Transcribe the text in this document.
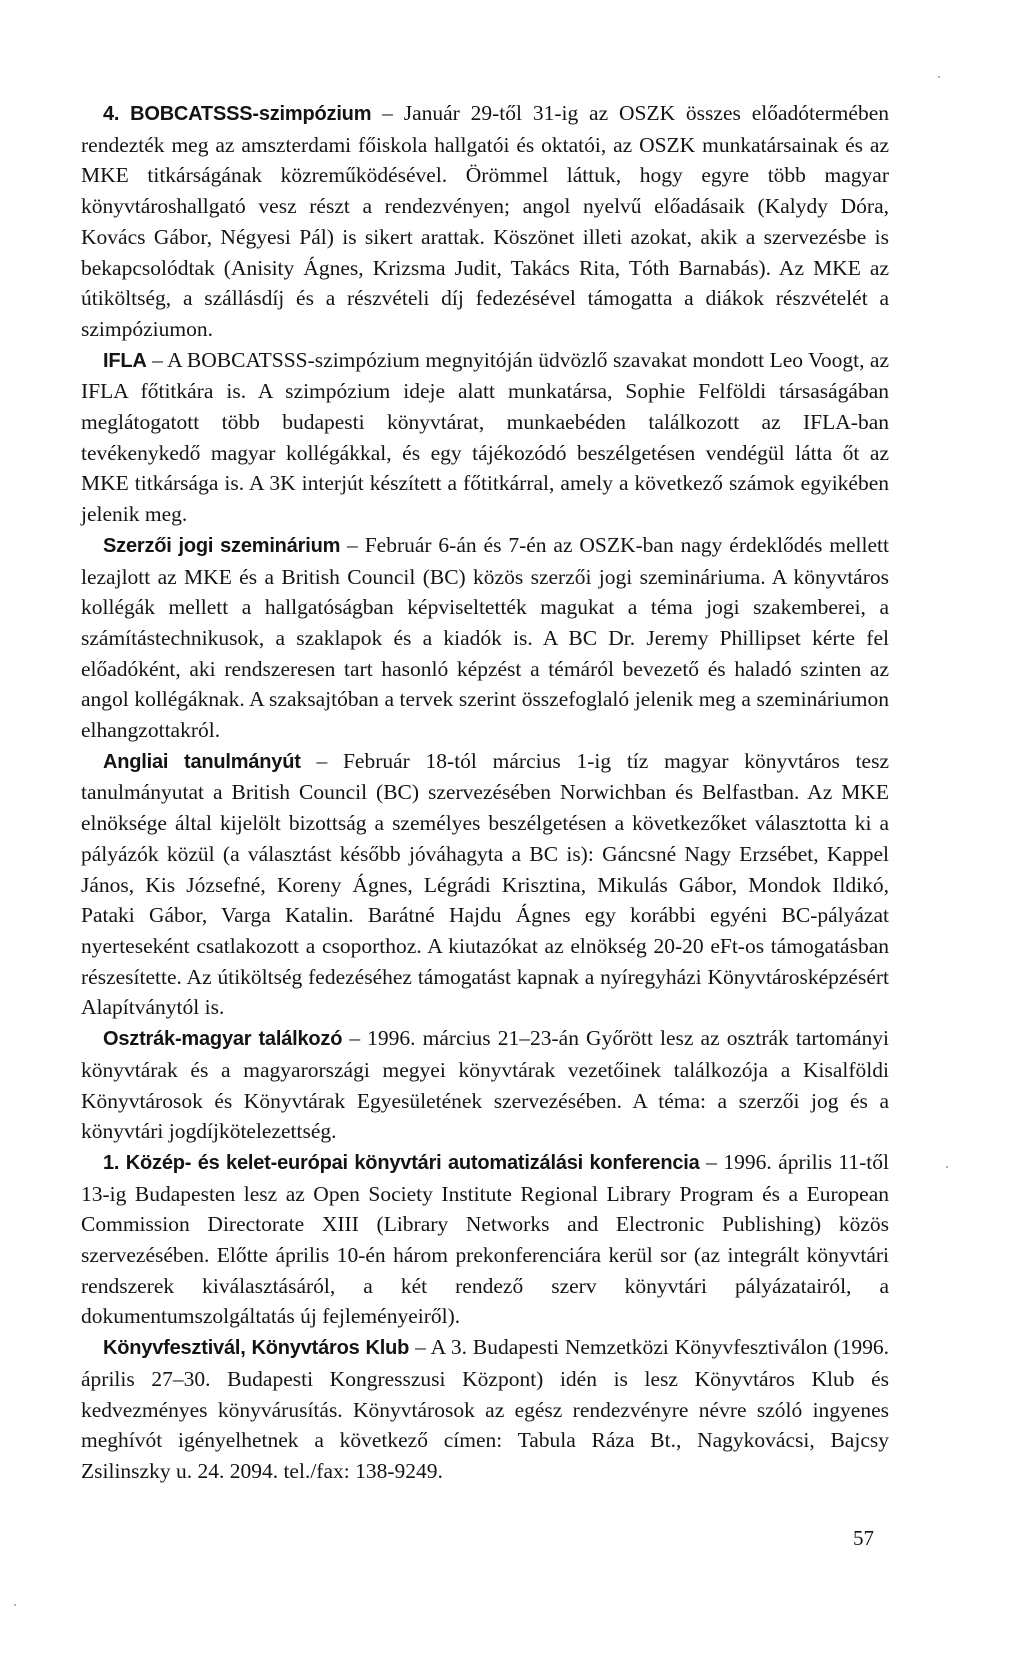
4. BOBCATSSS-szimpózium – Január 29-től 31-ig az OSZK összes előadótermében rendezték meg az amszterdami főiskola hallgatói és oktatói, az OSZK munkatársainak és az MKE titkárságának közreműködésével. Örömmel láttuk, hogy egyre több magyar könyvtároshallgató vesz részt a rendezvényen; angol nyelvű előadásaik (Kalydy Dóra, Kovács Gábor, Négyesi Pál) is sikert arattak. Köszönet illeti azokat, akik a szervezésbe is bekapcsolódtak (Anisity Ágnes, Krizsma Judit, Takács Rita, Tóth Barnabás). Az MKE az útiköltség, a szállásdíj és a részvételi díj fedezésével támogatta a diákok részvételét a szimpóziumon.

IFLA – A BOBCATSSS-szimpózium megnyitóján üdvözlő szavakat mondott Leo Voogt, az IFLA főtitkára is. A szimpózium ideje alatt munkatársa, Sophie Felföldi társaságában meglátogatott több budapesti könyvtárat, munkaebéden találkozott az IFLA-ban tevékenykedő magyar kollégákkal, és egy tájékozódó beszélgetésen vendégül látta őt az MKE titkársága is. A 3K interjút készített a főtitkárral, amely a következő számok egyikében jelenik meg.

Szerzői jogi szeminárium – Február 6-án és 7-én az OSZK-ban nagy érdeklődés mellett lezajlott az MKE és a British Council (BC) közös szerzői jogi szemináriuma. A könyvtáros kollégák mellett a hallgatóságban képviseltették magukat a téma jogi szakemberei, a számítástechnikusok, a szaklapok és a kiadók is. A BC Dr. Jeremy Phillipset kérte fel előadóként, aki rendszeresen tart hasonló képzést a témáról bevezető és haladó szinten az angol kollégáknak. A szaksajtóban a tervek szerint összefoglaló jelenik meg a szemináriumon elhangzottakról.

Angliai tanulmányút – Február 18-tól március 1-ig tíz magyar könyvtáros tesz tanulmányutat a British Council (BC) szervezésében Norwichban és Belfastban. Az MKE elnöksége által kijelölt bizottság a személyes beszélgetésen a következőket választotta ki a pályázók közül (a választást később jóváhagyta a BC is): Gáncsné Nagy Erzsébet, Kappel János, Kis Józsefné, Koreny Ágnes, Légrádi Krisztina, Mikulás Gábor, Mondok Ildikó, Pataki Gábor, Varga Katalin. Barátné Hajdu Ágnes egy korábbi egyéni BC-pályázat nyerteseként csatlakozott a csoporthoz. A kiutazókat az elnökség 20-20 eFt-os támogatásban részesítette. Az útiköltség fedezéséhez támogatást kapnak a nyíregyházi Könyvtárosképzésért Alapítványtól is.

Osztrák-magyar találkozó – 1996. március 21–23-án Győrött lesz az osztrák tartományi könyvtárak és a magyarországi megyei könyvtárak vezetőinek találkozója a Kisalföldi Könyvtárosok és Könyvtárak Egyesületének szervezésében. A téma: a szerzői jog és a könyvtári jogdíjkötelezettség.

1. Közép- és kelet-európai könyvtári automatizálási konferencia – 1996. április 11-től 13-ig Budapesten lesz az Open Society Institute Regional Library Program és a European Commission Directorate XIII (Library Networks and Electronic Publishing) közös szervezésében. Előtte április 10-én három prekonferenciára kerül sor (az integrált könyvtári rendszerek kiválasztásáról, a két rendező szerv könyvtári pályázatairól, a dokumentumszolgáltatás új fejleményeiről).

Könyvfesztivál, Könyvtáros Klub – A 3. Budapesti Nemzetközi Könyvfesztiválon (1996. április 27–30. Budapesti Kongresszusi Központ) idén is lesz Könyvtáros Klub és kedvezményes könyvárusítás. Könyvtárosok az egész rendezvényre névre szóló ingyenes meghívót igényelhetnek a következő címen: Tabula Ráza Bt., Nagykovácsi, Bajcsy Zsilinszky u. 24. 2094. tel./fax: 138-9249.

57
